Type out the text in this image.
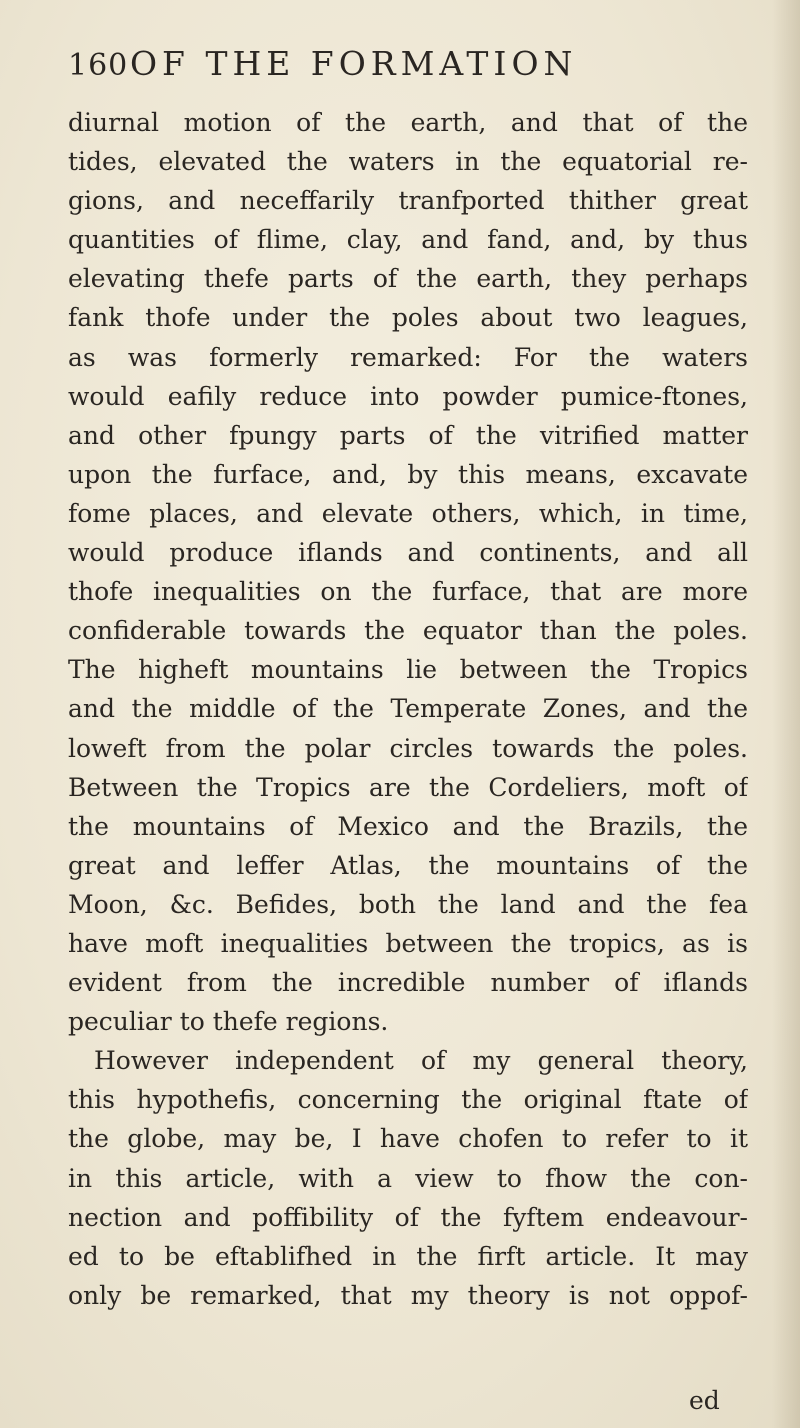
160 OF THE FORMATION
diurnal motion of the earth, and that of the
tides, elevated the waters in the equatorial re-
gions, and neceffarily tranfported thither great
quantities of flime, clay, and fand, and, by thus
elevating thefe parts of the earth, they perhaps
fank thofe under the poles about two leagues,
as was formerly remarked: For the waters
would eafily reduce into powder pumice-ftones,
and other fpungy parts of the vitrified matter
upon the furface, and, by this means, excavate
fome places, and elevate others, which, in time,
would produce iflands and continents, and all
thofe inequalities on the furface, that are more
confiderable towards the equator than the poles.
The higheft mountains lie between the Tropics
and the middle of the Temperate Zones, and the
loweft from the polar circles towards the poles.
Between the Tropics are the Cordeliers, moft of
the mountains of Mexico and the Brazils, the
great and leffer Atlas, the mountains of the
Moon, &c. Befides, both the land and the fea
have moft inequalities between the tropics, as is
evident from the incredible number of iflands
peculiar to thefe regions.
However independent of my general theory,
this hypothefis, concerning the original ftate of
the globe, may be, I have chofen to refer to it
in this article, with a view to fhow the con-
nection and poffibility of the fyftem endeavour-
ed to be eftablifhed in the firft article. It may
only be remarked, that my theory is not oppof-
ed
